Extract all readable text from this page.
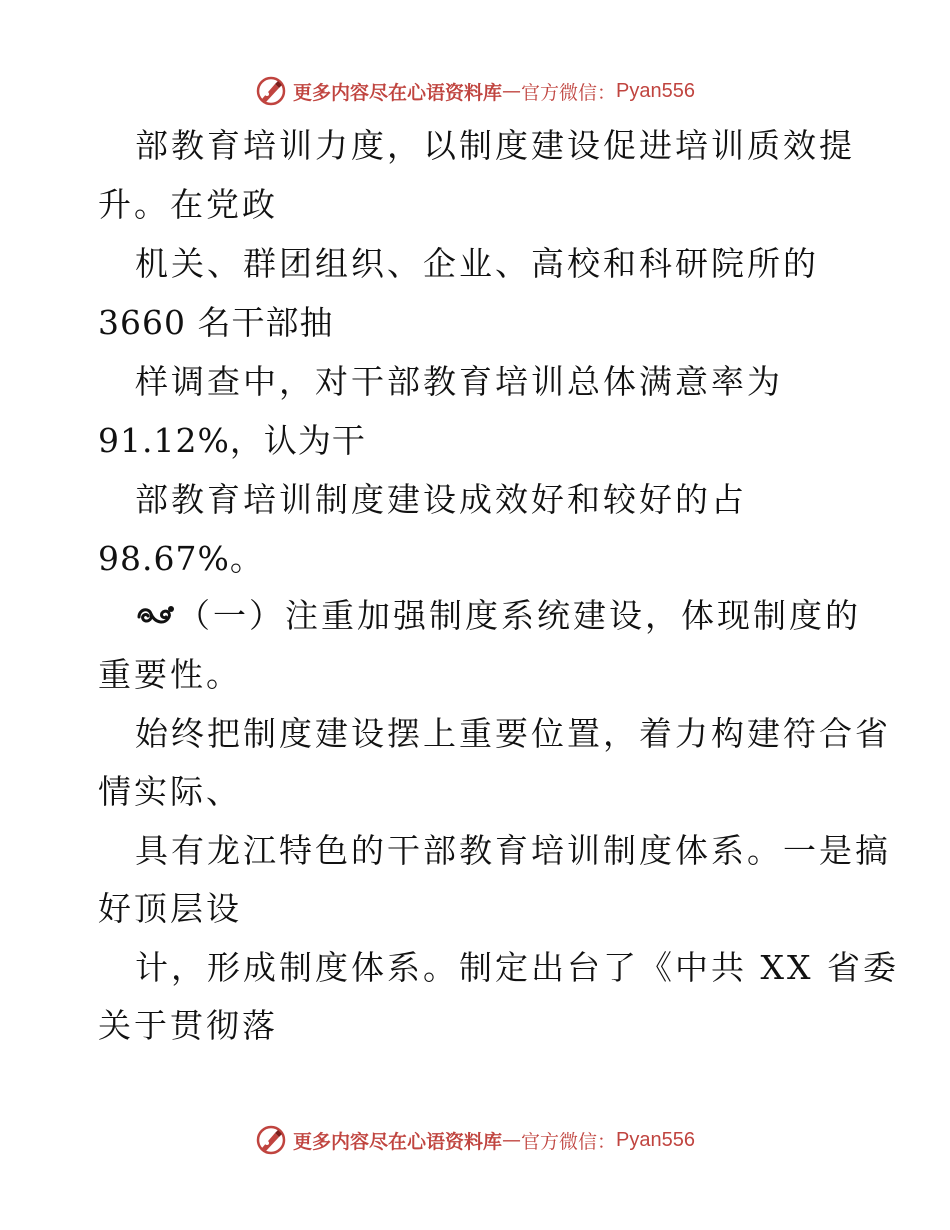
更多内容尽在心语资料库 — 官方微信： Pyan556
部教育培训力度，以制度建设促进培训质效提
升。在党政
机关、群团组织、企业、高校和科研院所的
3660 名干部抽
样调查中，对干部教育培训总体满意率为
91.12%，认为干
部教育培训制度建设成效好和较好的占
98.67%。
（一）注重加强制度系统建设，体现制度的
重要性。
始终把制度建设摆上重要位置，着力构建符合省
情实际、
具有龙江特色的干部教育培训制度体系。一是搞
好顶层设
计，形成制度体系。制定出台了《中共 XX 省委
关于贯彻落
更多内容尽在心语资料库 — 官方微信： Pyan556
